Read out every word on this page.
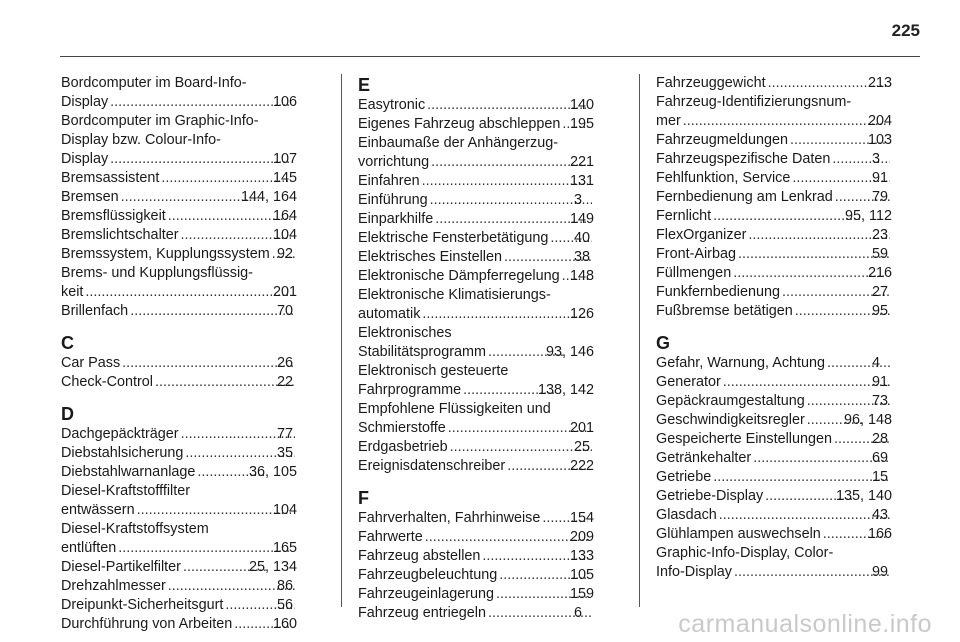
225
Bordcomputer im Board-Info-
Display .....	106
Bordcomputer im Graphic-Info-
Display bzw. Colour-Info-
Display .....	107
Bremsassistent .....	145
Bremsen .....	144, 164
Bremsflüssigkeit .....	164
Bremslichtschalter .....	104
Bremssystem, Kupplungssystem ..... 92
Brems- und Kupplungsflüssig-
keit .....	201
Brillenfach .....	70
C
Car Pass .....	26
Check-Control .....	22
D
Dachgepäckträger .....	77
Diebstahlsicherung .....	35
Diebstahlwarnanlage .....	36, 105
Diesel-Kraftstofffilter
entwässern .....	104
Diesel-Kraftstoffsystem
entlüften .....	165
Diesel-Partikelfilter .....	25, 134
Drehzahlmesser .....	86
Dreipunkt-Sicherheitsgurt .....	56
Durchführung von Arbeiten .....	160
E
Easytronic .....	140
Eigenes Fahrzeug abschleppen ..... 195
Einbaumaße der Anhängerzug-
vorrichtung .....	221
Einfahren .....	131
Einführung .....	3
Einparkhilfe .....	149
Elektrische Fensterbetätigung ..... 40
Elektrisches Einstellen .....	38
Elektronische Dämpferregelung ..... 148
Elektronische Klimatisierungs-
automatik .....	126
Elektronisches
Stabilitätsprogramm .....	93, 146
Elektronisch gesteuerte
Fahrprogramme .....	138, 142
Empfohlene Flüssigkeiten und
Schmierstoffe .....	201
Erdgasbetrieb .....	25
Ereignisdatenschreiber .....	222
F
Fahrverhalten, Fahrhinweise ..... 154
Fahrwerte .....	209
Fahrzeug abstellen .....	133
Fahrzeugbeleuchtung .....	105
Fahrzeugeinlagerung .....	159
Fahrzeug entriegeln .....	6
Fahrzeuggewicht .....	213
Fahrzeug-Identifizierungsnum-
mer .....	204
Fahrzeugmeldungen .....	103
Fahrzeugspezifische Daten .....	3
Fehlfunktion, Service .....	91
Fernbedienung am Lenkrad .....	79
Fernlicht .....	95, 112
FlexOrganizer .....	23
Front-Airbag .....	59
Füllmengen .....	216
Funkfernbedienung .....	27
Fußbremse betätigen .....	95
G
Gefahr, Warnung, Achtung .....	4
Generator .....	91
Gepäckraumgestaltung .....	73
Geschwindigkeitsregler .....	96, 148
Gespeicherte Einstellungen .....	28
Getränkehalter .....	69
Getriebe .....	15
Getriebe-Display .....	135, 140
Glasdach .....	43
Glühlampen auswechseln .....	166
Graphic-Info-Display, Color-
Info-Display .....	99
carmanualsonline.info
